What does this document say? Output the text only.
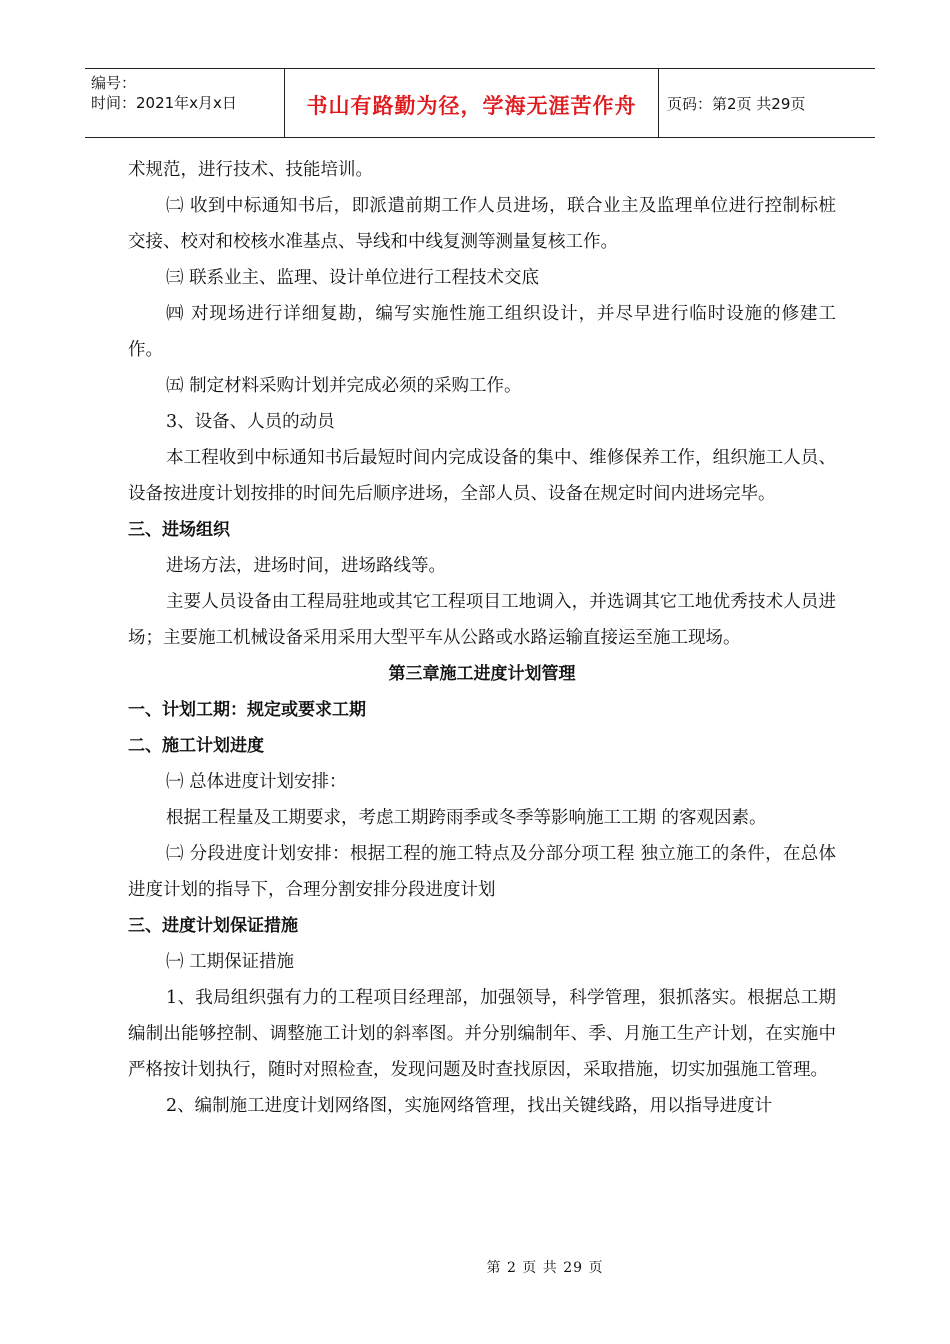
编号：
时间：2021年x月x日	书山有路勤为径，学海无涯苦作舟	页码：第2页 共29页

术规范，进行技术、技能培训。

㈡ 收到中标通知书后，即派遣前期工作人员进场，联合业主及监理单位进行控制标桩交接、校对和校核水准基点、导线和中线复测等测量复核工作。

㈢ 联系业主、监理、设计单位进行工程技术交底

㈣ 对现场进行详细复勘，编写实施性施工组织设计，并尽早进行临时设施的修建工作。

㈤ 制定材料采购计划并完成必须的采购工作。

3、设备、人员的动员

本工程收到中标通知书后最短时间内完成设备的集中、维修保养工作，组织施工人员、设备按进度计划按排的时间先后顺序进场，全部人员、设备在规定时间内进场完毕。

三、进场组织

进场方法，进场时间，进场路线等。

主要人员设备由工程局驻地或其它工程项目工地调入，并选调其它工地优秀技术人员进场；主要施工机械设备采用采用大型平车从公路或水路运输直接运至施工现场。

第三章施工进度计划管理

一、计划工期：规定或要求工期

二、施工计划进度

㈠ 总体进度计划安排：

根据工程量及工期要求，考虑工期跨雨季或冬季等影响施工工期 的客观因素。

㈡ 分段进度计划安排：根据工程的施工特点及分部分项工程 独立施工的条件，在总体进度计划的指导下，合理分割安排分段进度计划

三、进度计划保证措施

㈠ 工期保证措施

1、我局组织强有力的工程项目经理部，加强领导，科学管理，狠抓落实。根据总工期编制出能够控制、调整施工计划的斜率图。并分别编制年、季、月施工生产计划，在实施中严格按计划执行，随时对照检查，发现问题及时查找原因，采取措施，切实加强施工管理。

2、编制施工进度计划网络图，实施网络管理，找出关键线路，用以指导进度计

第 2 页 共 29 页
